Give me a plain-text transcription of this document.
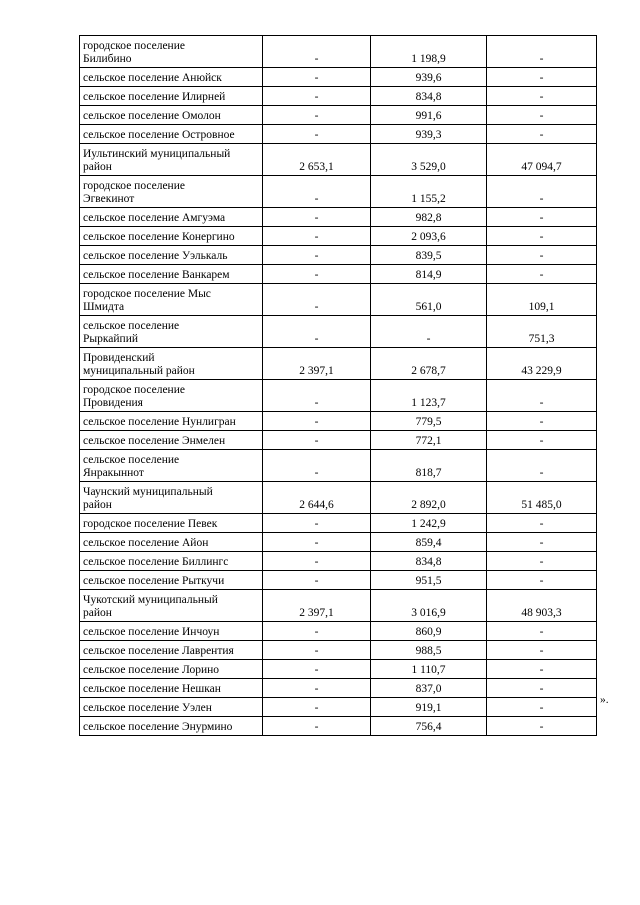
городское поселение
Билибино	-	1 198,9	-
сельское поселение Анюйск	-	939,6	-
сельское поселение Илирней	-	834,8	-
сельское поселение Омолон	-	991,6	-
сельское поселение Островное	-	939,3	-
Иультинский муниципальный
район	2 653,1	3 529,0	47 094,7
городское поселение
Эгвекинот	-	1 155,2	-
сельское поселение Амгуэма	-	982,8	-
сельское поселение Конергино	-	2 093,6	-
сельское поселение Уэлькаль	-	839,5	-
сельское поселение Ванкарем	-	814,9	-
городское поселение Мыс
Шмидта	-	561,0	109,1
сельское поселение
Рыркайпий	-	-	751,3
Провиденский
муниципальный район	2 397,1	2 678,7	43 229,9
городское поселение
Провидения	-	1 123,7	-
сельское поселение Нунлигран	-	779,5	-
сельское поселение Энмелен	-	772,1	-
сельское поселение
Янракыннот	-	818,7	-
Чаунский муниципальный
район	2 644,6	2 892,0	51 485,0
городское поселение Певек	-	1 242,9	-
сельское поселение Айон	-	859,4	-
сельское поселение Биллингс	-	834,8	-
сельское поселение Рыткучи	-	951,5	-
Чукотский муниципальный
район	2 397,1	3 016,9	48 903,3
сельское поселение Инчоун	-	860,9	-
сельское поселение Лаврентия	-	988,5	-
сельское поселение Лорино	-	1 110,7	-
сельское поселение Нешкан	-	837,0	-
сельское поселение Уэлен	-	919,1	-
сельское поселение Энурмино	-	756,4	-
».
